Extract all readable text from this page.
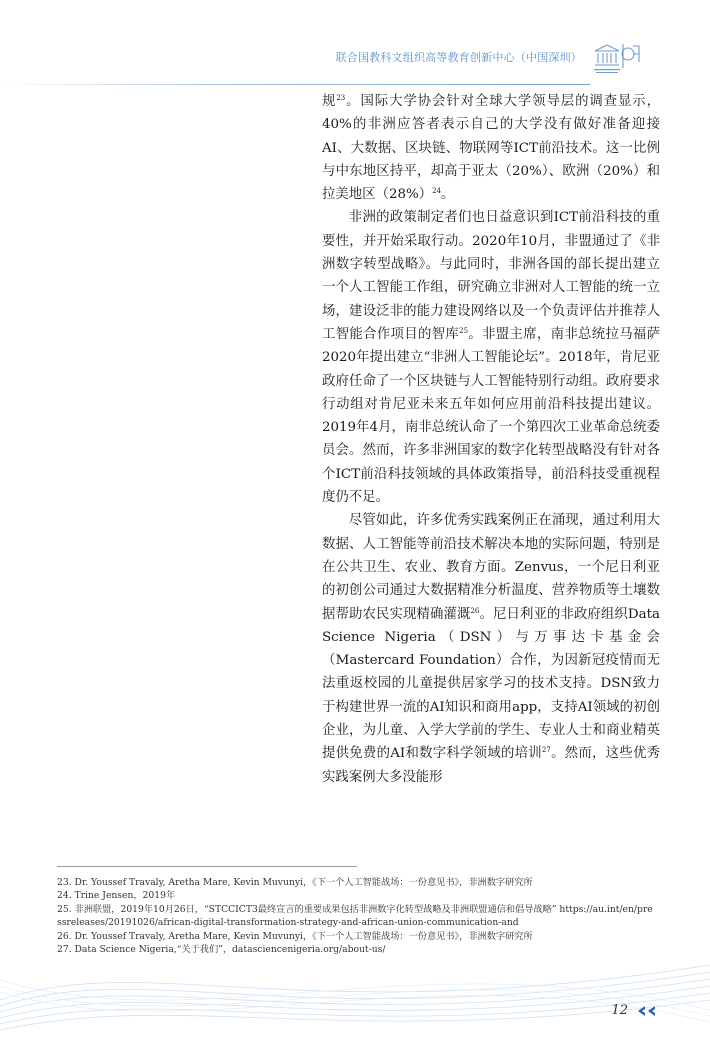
联合国教科文组织高等教育创新中心（中国深圳）

规$^{23}$。国际大学协会针对全球大学领导层的调查显示，40%的非洲应答者表示自己的大学没有做好准备迎接AI、大数据、区块链、物联网等ICT前沿技术。这一比例与中东地区持平，却高于亚太（20%）、欧洲（20%）和拉美地区$(28\%)^{24}$。

非洲的政策制定者们也日益意识到ICT前沿科技的重要性，并开始采取行动。2020年10月，非盟通过了《非洲数字转型战略》。与此同时，非洲各国的部长提出建立一个人工智能工作组，研究确立非洲对人工智能的统一立场，建设泛非的能力建设网络以及一个负责评估并推荐人工智能合作项目的智库$^{25}$。非盟主席，南非总统拉马福萨2020年提出建立“非洲人工智能论坛”。2018年，肯尼亚政府任命了一个区块链与人工智能特别行动组。政府要求行动组对肯尼亚未来五年如何应用前沿科技提出建议。2019年4月，南非总统认命了一个第四次工业革命总统委员会。然而，许多非洲国家的数字化转型战略没有针对各个ICT前沿科技领域的具体政策指导，前沿科技受重视程度仍不足。

尽管如此，许多优秀实践案例正在涌现，通过利用大数据、人工智能等前沿技术解决本地的实际问题，特别是在公共卫生、农业、教育方面。Zenvus，一个尼日利亚的初创公司通过大数据精准分析温度、营养物质等土壤数据帮助农民实现精确灌溉$^{26}$。尼日利亚的非政府组织Data Science Nigeria（DSN）与万事达卡基金会（Mastercard Foundation）合作，为因新冠疫情而无法重返校园的儿童提供居家学习的技术支持。DSN致力于构建世界一流的AI知识和商用app，支持AI领域的初创企业，为儿童、入学大学前的学生、专业人士和商业精英提供免费的AI和数字科学领域的培训$^{27}$。然而，这些优秀实践案例大多没能形

23. Dr. Youssef Travaly, Aretha Mare, Kevin Muvunyi，《下一个人工智能战场：一份意见书》，非洲数字研究所

24. Trine Jensen，2019年

25. 非洲联盟，2019年10月26日，“STCCICT3最终宣言的重要成果包括非洲数字化转型战略及非洲联盟通信和倡导战略” https://au.int/en/pressreleases/20191026/african-digital-transformation-strategy-and-african-union-communication-and

26. Dr. Youssef Travaly, Aretha Mare, Kevin Muvunyi，《下一个人工智能战场：一份意见书》，非洲数字研究所

27. Data Science Nigeria,“关于我们”，datasciencenigeria.org/about-us/

12
